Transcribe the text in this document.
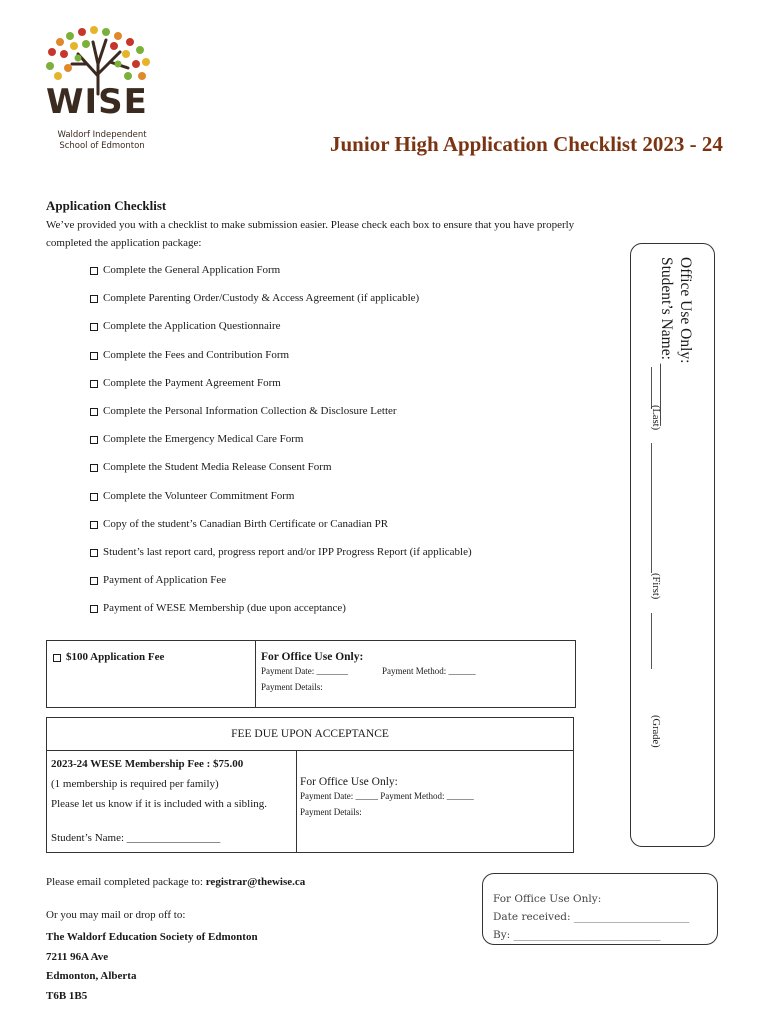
WISE
Waldorf Independent
School of Edmonton	Junior High Application Checklist 2023 - 24
Application Checklist
We’ve provided you with a checklist to make submission easier. Please check each box to ensure that you have properly completed the application package:
Complete the General Application Form
Complete Parenting Order/Custody & Access Agreement (if applicable)
Complete the Application Questionnaire
Complete the Fees and Contribution Form
Complete the Payment Agreement Form
Complete the Personal Information Collection & Disclosure Letter
Complete the Emergency Medical Care Form
Complete the Student Media Release Consent Form
Complete the Volunteer Commitment Form
Copy of the student’s Canadian Birth Certificate or Canadian PR
Student’s last report card, progress report and/or IPP Progress Report (if applicable)
Payment of Application Fee
Payment of WESE Membership (due upon acceptance)
Office Use Only:
Student’s Name: ________
(Last)
(First)
(Grade)
$100 Application Fee	For Office Use Only:
Payment Date: _______	Payment Method: ______
Payment Details:
FEE DUE UPON ACCEPTANCE
2023-24 WESE Membership Fee : $75.00
(1 membership is required per family)
Please let us know if it is included with a sibling.
Student’s Name: _________________
For Office Use Only:
Payment Date: _____ Payment Method: ______
Payment Details:
Please email completed package to: registrar@thewise.ca
Or you may mail or drop off to:
The Waldorf Education Society of Edmonton
7211 96A Ave
Edmonton, Alberta
T6B 1B5
For Office Use Only:
Date received: ______________________
By: ____________________________
